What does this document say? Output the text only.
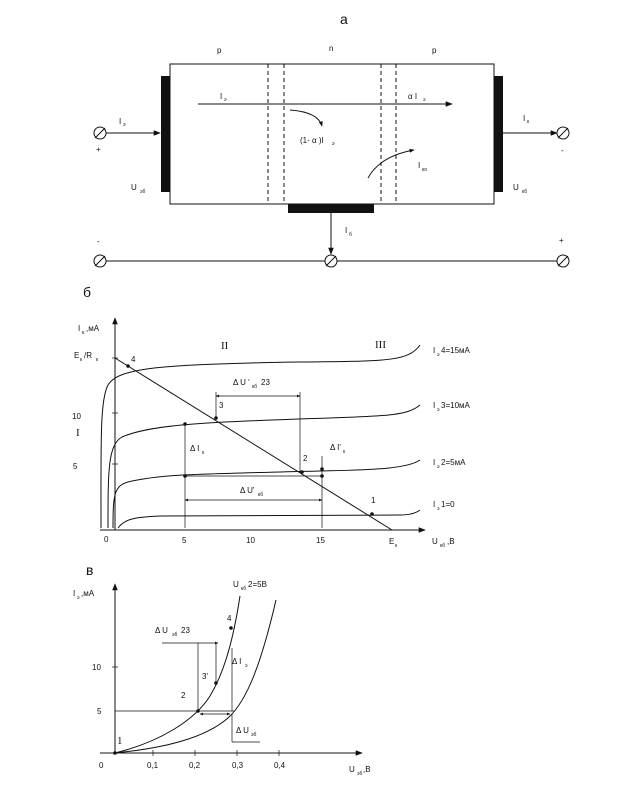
а
p	n	p
I э	α I э
(1- α )I э
I ко
I э
+
U эб
I к
-
U кб
I б
-	+
б
I к ,мА
E к /R к
I
II	III
10
5
0	5	10	15	E к	U кб ,B
I э 1=0
I э 2=5мА
I э 3=10мА
I э 4=15мА
1
2
3
4
Δ U ' кб 23
Δ I к
Δ I' к
Δ U' кб
в
I э ,мА
U кб 2=5B
10
5
0	0,1	0,2	0,3	0,4	U эб ,B
Δ U эб 23
Δ I э
Δ U эб
1
2
3'
4
